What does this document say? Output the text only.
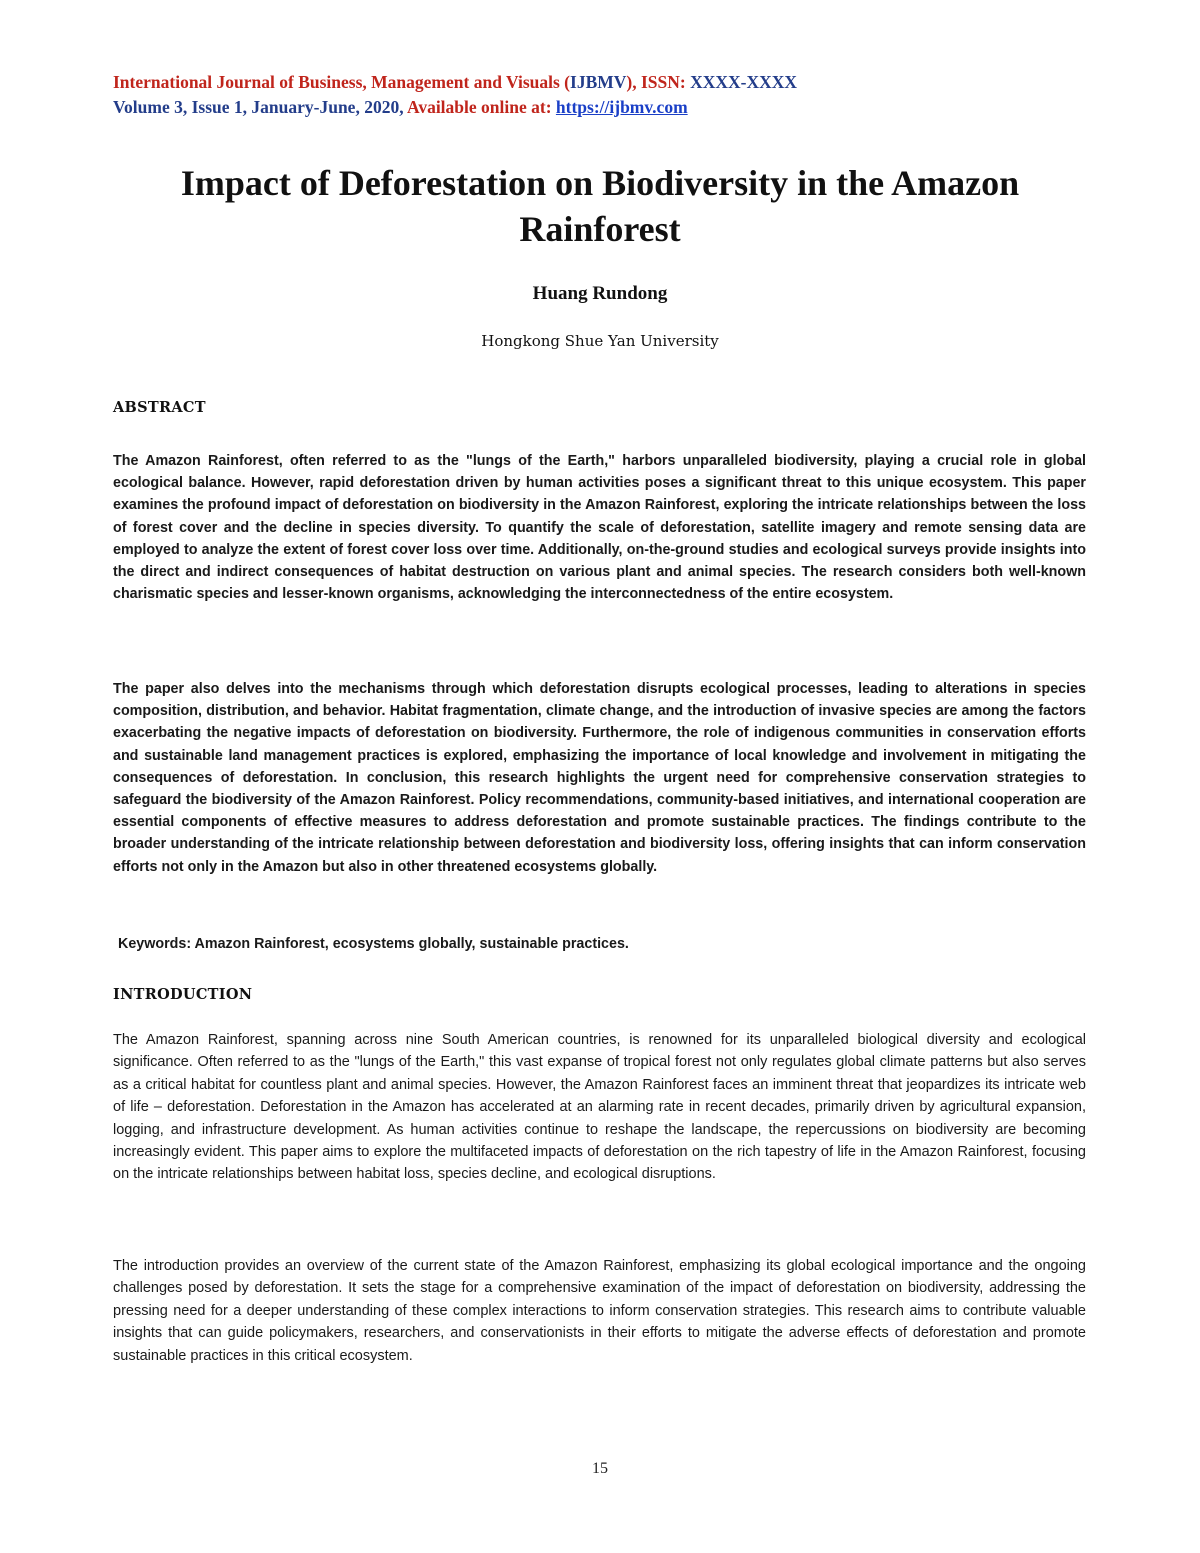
International Journal of Business, Management and Visuals (IJBMV), ISSN: XXXX-XXXX
Volume 3, Issue 1, January-June, 2020, Available online at: https://ijbmv.com
Impact of Deforestation on Biodiversity in the Amazon Rainforest
Huang Rundong
Hongkong Shue Yan University
ABSTRACT

The Amazon Rainforest, often referred to as the "lungs of the Earth," harbors unparalleled biodiversity, playing a crucial role in global ecological balance. However, rapid deforestation driven by human activities poses a significant threat to this unique ecosystem. This paper examines the profound impact of deforestation on biodiversity in the Amazon Rainforest, exploring the intricate relationships between the loss of forest cover and the decline in species diversity. To quantify the scale of deforestation, satellite imagery and remote sensing data are employed to analyze the extent of forest cover loss over time. Additionally, on-the-ground studies and ecological surveys provide insights into the direct and indirect consequences of habitat destruction on various plant and animal species. The research considers both well-known charismatic species and lesser-known organisms, acknowledging the interconnectedness of the entire ecosystem.

The paper also delves into the mechanisms through which deforestation disrupts ecological processes, leading to alterations in species composition, distribution, and behavior. Habitat fragmentation, climate change, and the introduction of invasive species are among the factors exacerbating the negative impacts of deforestation on biodiversity. Furthermore, the role of indigenous communities in conservation efforts and sustainable land management practices is explored, emphasizing the importance of local knowledge and involvement in mitigating the consequences of deforestation. In conclusion, this research highlights the urgent need for comprehensive conservation strategies to safeguard the biodiversity of the Amazon Rainforest. Policy recommendations, community-based initiatives, and international cooperation are essential components of effective measures to address deforestation and promote sustainable practices. The findings contribute to the broader understanding of the intricate relationship between deforestation and biodiversity loss, offering insights that can inform conservation efforts not only in the Amazon but also in other threatened ecosystems globally.

Keywords: Amazon Rainforest, ecosystems globally, sustainable practices.
INTRODUCTION

The Amazon Rainforest, spanning across nine South American countries, is renowned for its unparalleled biological diversity and ecological significance. Often referred to as the "lungs of the Earth," this vast expanse of tropical forest not only regulates global climate patterns but also serves as a critical habitat for countless plant and animal species. However, the Amazon Rainforest faces an imminent threat that jeopardizes its intricate web of life – deforestation. Deforestation in the Amazon has accelerated at an alarming rate in recent decades, primarily driven by agricultural expansion, logging, and infrastructure development. As human activities continue to reshape the landscape, the repercussions on biodiversity are becoming increasingly evident. This paper aims to explore the multifaceted impacts of deforestation on the rich tapestry of life in the Amazon Rainforest, focusing on the intricate relationships between habitat loss, species decline, and ecological disruptions.

The introduction provides an overview of the current state of the Amazon Rainforest, emphasizing its global ecological importance and the ongoing challenges posed by deforestation. It sets the stage for a comprehensive examination of the impact of deforestation on biodiversity, addressing the pressing need for a deeper understanding of these complex interactions to inform conservation strategies. This research aims to contribute valuable insights that can guide policymakers, researchers, and conservationists in their efforts to mitigate the adverse effects of deforestation and promote sustainable practices in this critical ecosystem.

15
